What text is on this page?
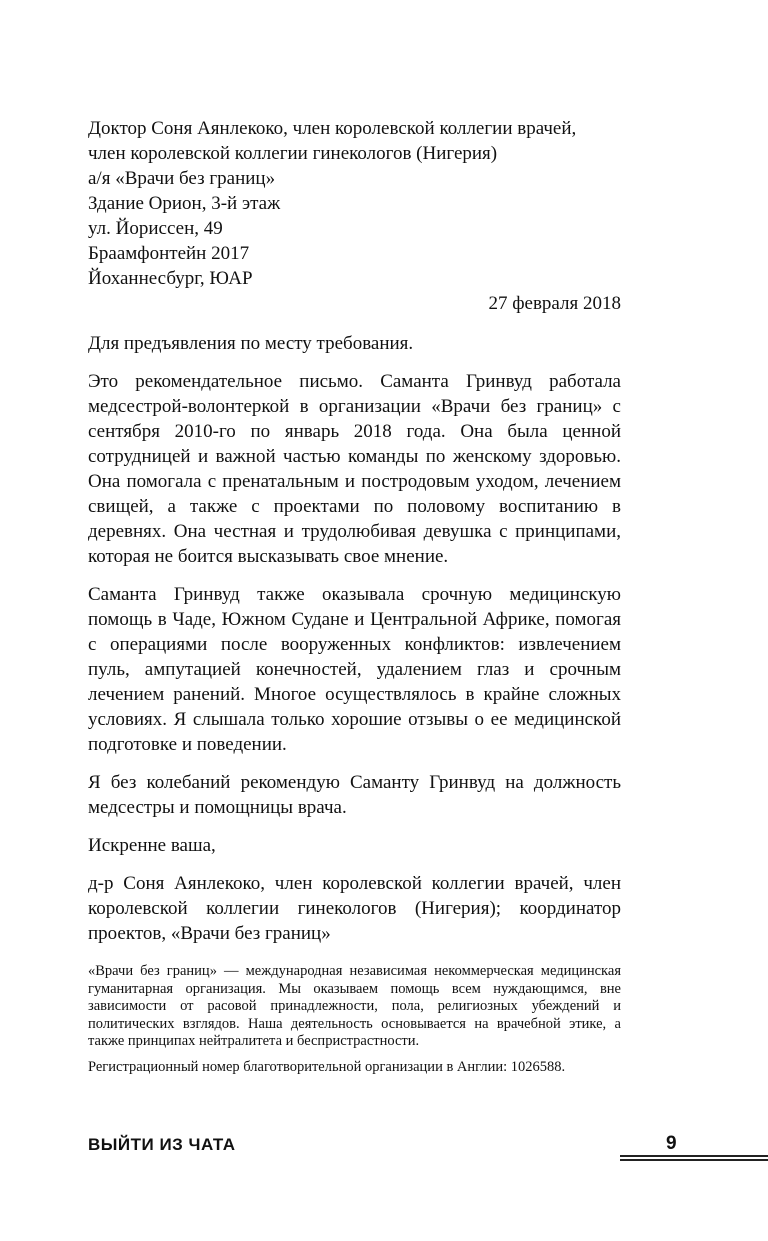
Доктор Соня Аянлекоко, член королевской коллегии врачей,
член королевской коллегии гинекологов (Нигерия)
а/я «Врачи без границ»
Здание Орион, 3-й этаж
ул. Йориссен, 49
Браамфонтейн 2017
Йоханнесбург, ЮАР
27 февраля 2018

Для предъявления по месту требования.

Это рекомендательное письмо. Саманта Гринвуд работала медсестрой-волонтеркой в организации «Врачи без границ» с сентября 2010-го по январь 2018 года. Она была ценной сотрудницей и важной частью команды по женскому здоровью. Она помогала с пренатальным и постродовым уходом, лечением свищей, а также с проектами по половому воспитанию в деревнях. Она честная и трудолюбивая девушка с принципами, которая не боится высказывать свое мнение.

Саманта Гринвуд также оказывала срочную медицинскую помощь в Чаде, Южном Судане и Центральной Африке, помогая с операциями после вооруженных конфликтов: извлечением пуль, ампутацией конечностей, удалением глаз и срочным лечением ранений. Многое осуществлялось в крайне сложных условиях. Я слышала только хорошие отзывы о ее медицинской подготовке и поведении.

Я без колебаний рекомендую Саманту Гринвуд на должность медсестры и помощницы врача.

Искренне ваша,

д-р Соня Аянлекоко, член королевской коллегии врачей, член королевской коллегии гинекологов (Нигерия); координатор проектов, «Врачи без границ»

«Врачи без границ» — международная независимая некоммерческая медицинская гуманитарная организация. Мы оказываем помощь всем нуждающимся, вне зависимости от расовой принадлежности, пола, религиозных убеждений и политических взглядов. Наша деятельность основывается на врачебной этике, а также принципах нейтралитета и беспристрастности.

Регистрационный номер благотворительной организации в Англии: 1026588.

ВЫЙТИ ИЗ ЧАТА	9
